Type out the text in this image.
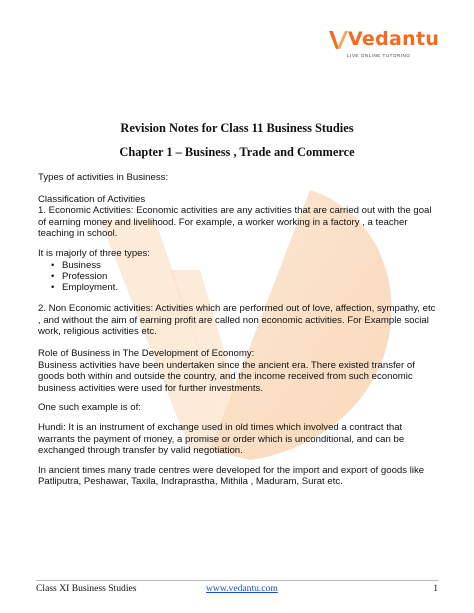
Vedantu
LIVE ONLINE TUTORING
Revision Notes for Class 11 Business Studies
Chapter 1 – Business , Trade and Commerce

Types of activities in Business:

Classification of Activities

1. Economic Activities: Economic activities are any activities that are carried out with the goal of earning money and livelihood. For example, a worker working in a factory , a teacher teaching in school.

It is majorly of three types:

• Business
• Profession
• Employment.

2. Non Economic activities: Activities which are performed out of love, affection, sympathy, etc , and without the aim of earning profit are called non economic activities. For Example social work, religious activities etc.

Role of Business in The Development of Economy:

Business activities have been undertaken since the ancient era. There existed transfer of goods both within and outside the country, and the income received from such economic business activities were used for further investments.

One such example is of:

Hundi: It is an instrument of exchange used in old times which involved a contract that warrants the payment of money, a promise or order which is unconditional, and can be exchanged through transfer by valid negotiation.

In ancient times many trade centres were developed for the import and export of goods like Patliputra, Peshawar, Taxila, Indraprastha, Mithila , Maduram, Surat etc.

Class XI Business Studies	www.vedantu.com	1
